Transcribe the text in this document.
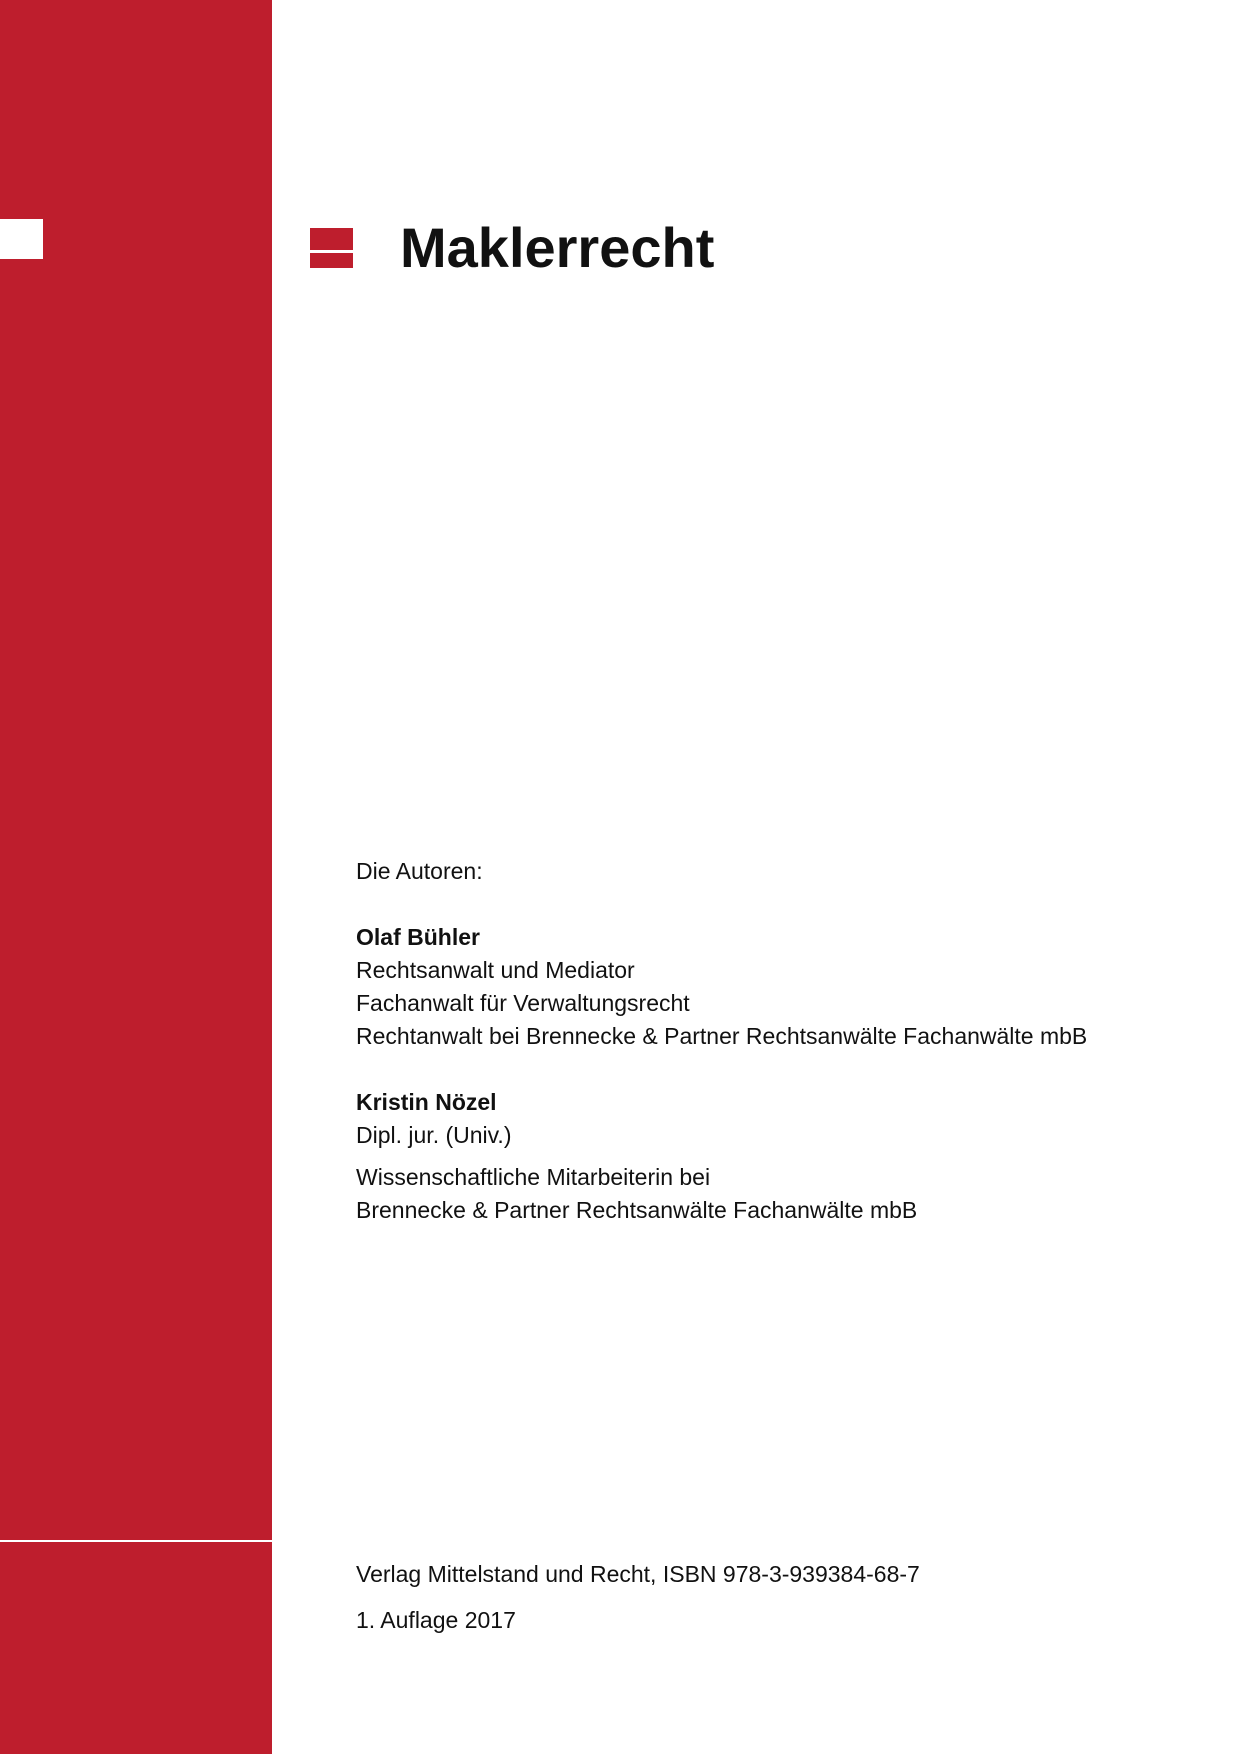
Maklerrecht
Die Autoren:
Olaf Bühler
Rechtsanwalt und Mediator
Fachanwalt für Verwaltungsrecht
Rechtanwalt bei Brennecke & Partner Rechtsanwälte Fachanwälte mbB
Kristin Nözel
Dipl. jur. (Univ.)
Wissenschaftliche Mitarbeiterin bei
Brennecke & Partner Rechtsanwälte Fachanwälte mbB
Verlag Mittelstand und Recht, ISBN 978-3-939384-68-7
1. Auflage 2017
